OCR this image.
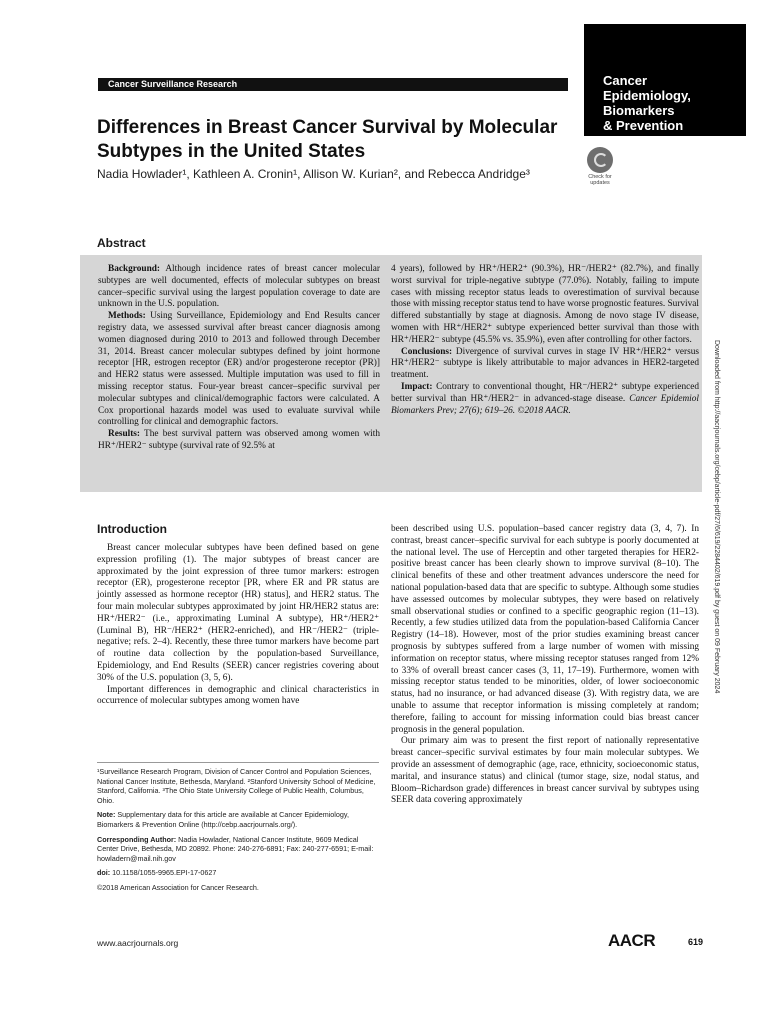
Cancer Surveillance Research	Cancer
Epidemiology,
Biomarkers
& Prevention
Differences in Breast Cancer Survival by Molecular
Subtypes in the United States
Nadia Howlader¹, Kathleen A. Cronin¹, Allison W. Kurian², and Rebecca Andridge³	Check for
updates
Abstract

Background: Although incidence rates of breast cancer molecular subtypes are well documented, effects of molecular subtypes on breast cancer–specific survival using the largest population coverage to date are unknown in the U.S. population.

Methods: Using Surveillance, Epidemiology and End Results cancer registry data, we assessed survival after breast cancer diagnosis among women diagnosed during 2010 to 2013 and followed through December 31, 2014. Breast cancer molecular subtypes defined by joint hormone receptor [HR, estrogen receptor (ER) and/or progesterone receptor (PR)] and HER2 status were assessed. Multiple imputation was used to fill in missing receptor status. Four-year breast cancer–specific survival per molecular subtypes and clinical/demographic factors were calculated. A Cox proportional hazards model was used to evaluate survival while controlling for clinical and demographic factors.

Results: The best survival pattern was observed among women with HR⁺/HER2⁻ subtype (survival rate of 92.5% at

4 years), followed by HR⁺/HER2⁺ (90.3%), HR⁻/HER2⁺ (82.7%), and finally worst survival for triple-negative subtype (77.0%). Notably, failing to impute cases with missing receptor status leads to overestimation of survival because those with missing receptor status tend to have worse prognostic features. Survival differed substantially by stage at diagnosis. Among de novo stage IV disease, women with HR⁺/HER2⁺ subtype experienced better survival than those with HR⁺/HER2⁻ subtype (45.5% vs. 35.9%), even after controlling for other factors.

Conclusions: Divergence of survival curves in stage IV HR⁺/HER2⁺ versus HR⁺/HER2⁻ subtype is likely attributable to major advances in HER2-targeted treatment.

Impact: Contrary to conventional thought, HR⁻/HER2⁺ subtype experienced better survival than HR⁺/HER2⁻ in advanced-stage disease. Cancer Epidemiol Biomarkers Prev; 27(6); 619–26. ©2018 AACR.

Introduction

Breast cancer molecular subtypes have been defined based on gene expression profiling (1). The major subtypes of breast cancer are approximated by the joint expression of three tumor markers: estrogen receptor (ER), progesterone receptor [PR, where ER and PR status are jointly assessed as hormone receptor (HR) status], and HER2 status. The four main molecular subtypes approximated by joint HR/HER2 status are: HR⁺/HER2⁻ (i.e., approximating Luminal A subtype), HR⁺/HER2⁺ (Luminal B), HR⁻/HER2⁺ (HER2-enriched), and HR⁻/HER2⁻ (triple-negative; refs. 2–4). Recently, these three tumor markers have become part of routine data collection by the population-based Surveillance, Epidemiology, and End Results (SEER) cancer registries covering about 30% of the U.S. population (3, 5, 6).

Important differences in demographic and clinical characteristics in occurrence of molecular subtypes among women have

been described using U.S. population–based cancer registry data (3, 4, 7). In contrast, breast cancer–specific survival for each subtype is poorly documented at the national level. The use of Herceptin and other targeted therapies for HER2-positive breast cancer has been clearly shown to improve survival (8–10). The clinical benefits of these and other treatment advances underscore the need for national population-based data that are specific to subtype. Although some studies have assessed outcomes by molecular subtypes, they were based on relatively small observational studies or confined to a specific geographic region (11–13). Recently, a few studies utilized data from the population-based California Cancer Registry (14–18). However, most of the prior studies examining breast cancer prognosis by subtypes suffered from a large number of women with missing information on receptor status, where missing receptor statuses ranged from 12% to 33% of overall breast cancer cases (3, 11, 17–19). Furthermore, women with missing receptor status tended to be minorities, older, of lower socioeconomic status, had no insurance, or had advanced disease (3). With registry data, we are unable to assume that receptor information is missing completely at random; therefore, failing to account for missing information could bias breast cancer prognosis in the general population.

Our primary aim was to present the first report of nationally representative breast cancer–specific survival estimates by four main molecular subtypes. We provide an assessment of demographic (age, race, ethnicity, socioeconomic status, marital, and insurance status) and clinical (tumor stage, size, nodal status, and Bloom–Richardson grade) differences in breast cancer survival by subtypes using SEER data covering approximately

¹Surveillance Research Program, Division of Cancer Control and Population Sciences, National Cancer Institute, Bethesda, Maryland. ²Stanford University School of Medicine, Stanford, California. ³The Ohio State University College of Public Health, Columbus, Ohio.

Note: Supplementary data for this article are available at Cancer Epidemiology, Biomarkers & Prevention Online (http://cebp.aacrjournals.org/).

Corresponding Author: Nadia Howlader, National Cancer Institute, 9609 Medical Center Drive, Bethesda, MD 20892. Phone: 240-276-6891; Fax: 240-277-6591; E-mail: howladern@mail.nih.gov

doi: 10.1158/1055-9965.EPI-17-0627

©2018 American Association for Cancer Research.

Downloaded from http://aacrjournals.org/cebp/article-pdf/27/6/619/2284402/619.pdf by guest on 09 February 2024
www.aacrjournals.org	AACR	619
